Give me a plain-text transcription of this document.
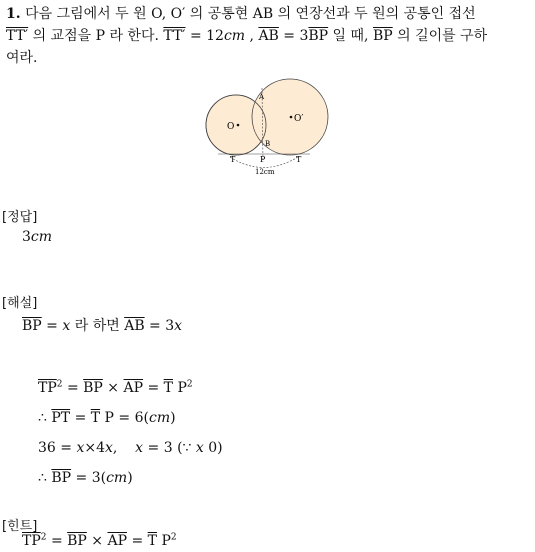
1. 다음 그림에서 두 원 O, O′ 의 공통현 AB 의 연장선과 두 원의 공통인 접선
TT′ 의 교점을 P 라 한다. TT′ = 12cm , $\overline{AB} = 3\overline{BP}$ 일 때, $\overline{BP}$ 의 길이를 구하
여라.
O
O′
A
B
T	P	T
12cm
[정답]
3cm
[해설]
$\overline{BP} = x$ 라 하면 $\overline{AB} = 3x$
$\overline{TP}^2 = \overline{BP} \times \overline{AP} = \overline{T}$ $P^2$
∴ $\overline{PT} = \overline{T}$ P = 6(cm)
36 = x×4x,    x = 3 (∵ x 0)
∴ $\overline{BP} = 3(cm)$
[힌트]
$\overline{TP}^2 = \overline{BP} \times \overline{AP} = \overline{T}$ $P^2$
